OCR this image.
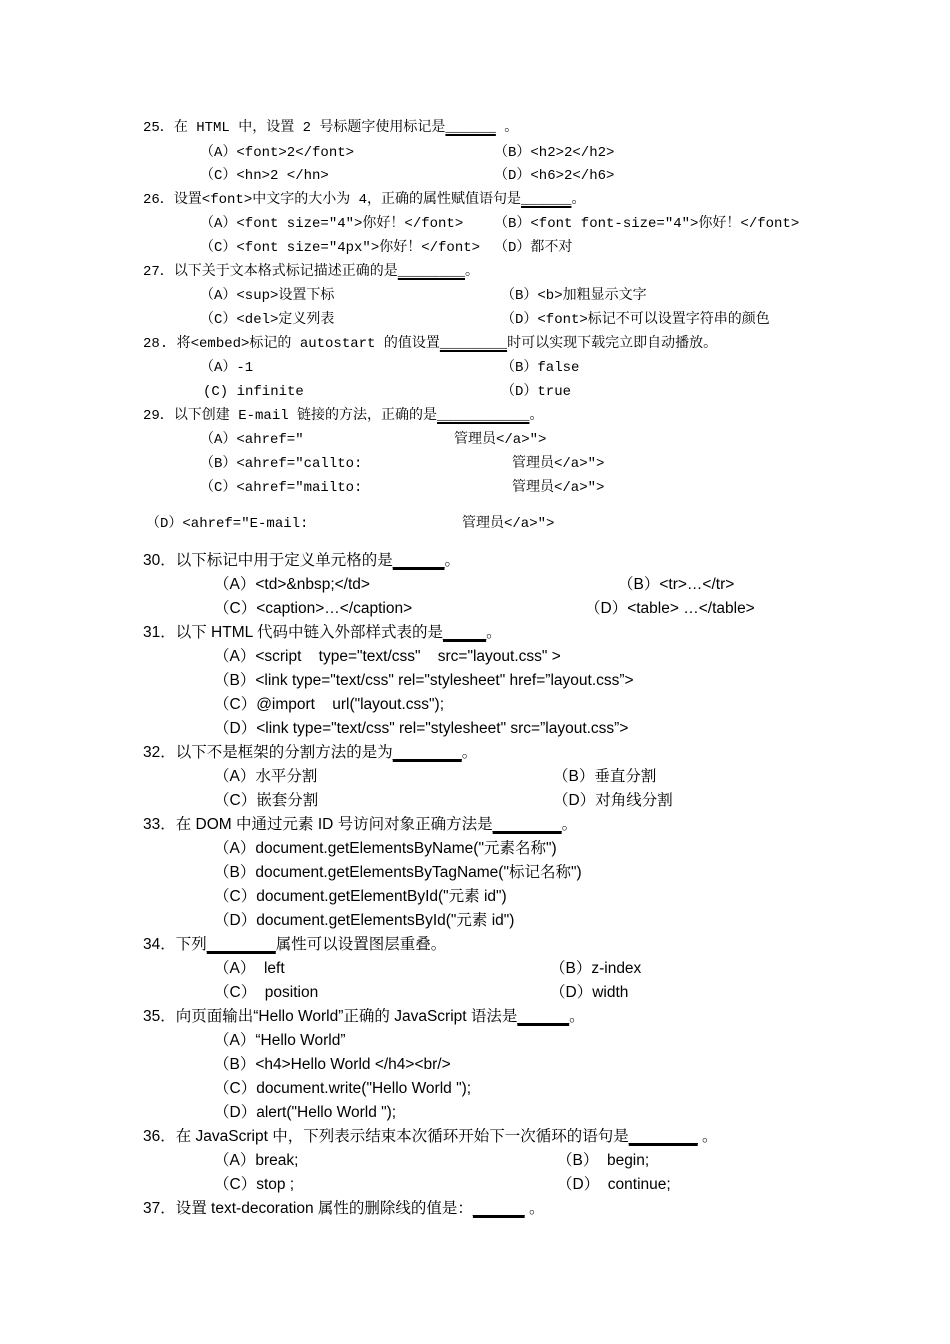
25．在 HTML 中，设置 2 号标题字使用标记是______ 。
（A）<font>2</font>	（B）<h2>2</h2>
（C）<hn>2 </hn>	（D）<h6>2</h6>
26．设置<font>中文字的大小为 4，正确的属性赋值语句是______。
（A）<font size="4">你好！</font> （B）<font font-size="4">你好！</font>
（C）<font size="4px">你好！</font> （D）都不对
27．以下关于文本格式标记描述正确的是________。
（A）<sup>设置下标	（B）<b>加粗显示文字
（C）<del>定义列表	（D）<font>标记不可以设置字符串的颜色
28. 将<embed>标记的 autostart 的值设置________时可以实现下载完立即自动播放。
（A）-1	（B）false
(C) infinite	（D）true
29．以下创建 E-mail 链接的方法，正确的是___________。
（A）<ahref="	管理员</a>">
（B）<ahref="callto:	管理员</a>">
（C）<ahref="mailto:	管理员</a>">
（D）<ahref="E-mail:	管理员</a>">
30．以下标记中用于定义单元格的是______。
（A）<td>&nbsp;</td>	（B）<tr>…</tr>
（C）<caption>…</caption>	（D）<table> …</table>
31．以下 HTML 代码中链入外部样式表的是_____。
（A）<script    type="text/css"    src="layout.css" >
（B）<link type="text/css" rel="stylesheet" href=”layout.css”>
（C）@import    url("layout.css");
（D）<link type="text/css" rel="stylesheet" src=”layout.css”>
32．以下不是框架的分割方法的是为________。
（A）水平分割	（B）垂直分割
（C）嵌套分割	（D）对角线分割
33．在 DOM 中通过元素 ID 号访问对象正确方法是________。
（A）document.getElementsByName("元素名称")
（B）document.getElementsByTagName("标记名称")
（C）document.getElementById("元素 id")
（D）document.getElementsById("元素 id")
34．下列________属性可以设置图层重叠。
（A）  left	（B）z-index
（C）  position	（D）width
35．向页面输出“Hello World”正确的 JavaScript 语法是______。
（A）“Hello World”
（B）<h4>Hello World </h4><br/>
（C）document.write("Hello World ");
（D）alert("Hello World ");
36．在 JavaScript 中，下列表示结束本次循环开始下一次循环的语句是________ 。
（A）break;	（B）  begin;
（C）stop ;	（D）  continue;
37．设置 text-decoration 属性的删除线的值是：______ 。
